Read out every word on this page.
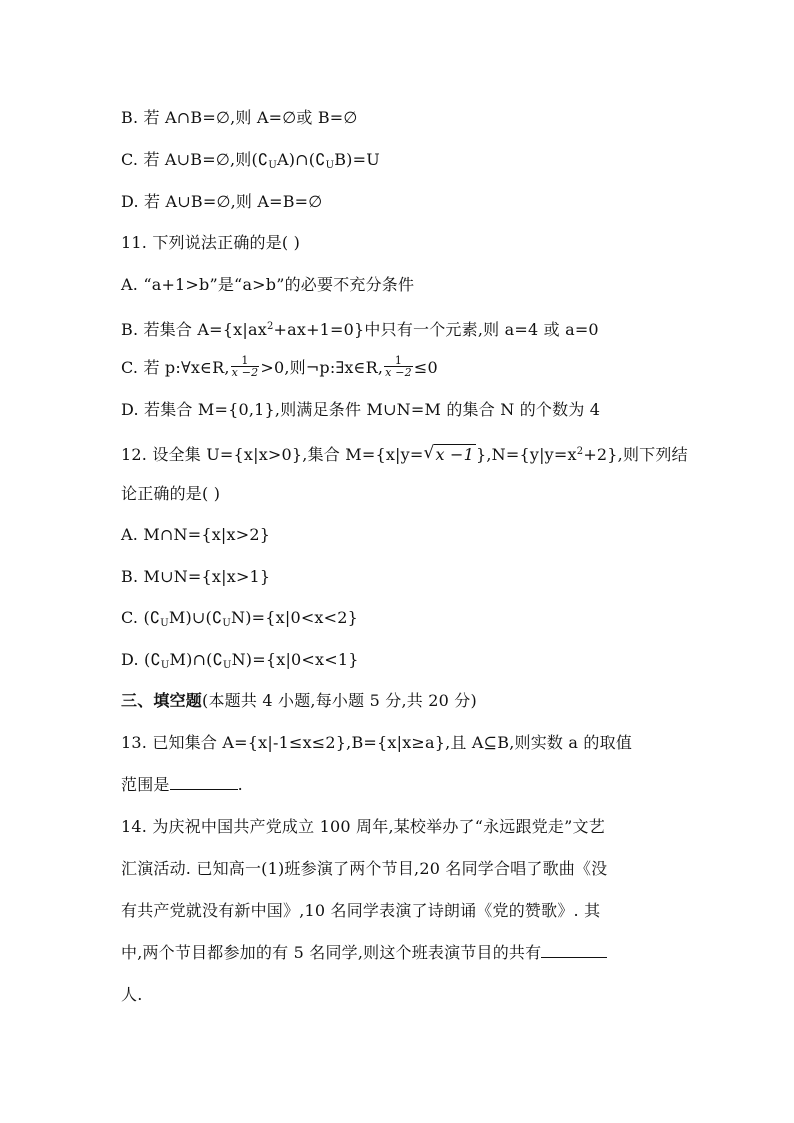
B. 若 A∩B=∅,则 A=∅或 B=∅
C. 若 A∪B=∅,则$(∁_UA)\cap(∁_UB)=U$
D. 若 A∪B=∅,则 A=B=∅
11. 下列说法正确的是( )
A. “a+1>b”是“a>b”的必要不充分条件
B. 若集合 $A=\{x|ax^2+ax+1=0\}$中只有一个元素,则 a=4 或 a=0
C. 若 p:∀x∈R, $\frac{1}{x -2} >0$,则¬p:∃x∈R, $\frac{1}{x -2} \le 0$
D. 若集合 M={0,1},则满足条件 M∪N=M 的集合 N 的个数为 4
12. 设全集 U={x|x>0},集合 M={x|y= √ x −1 }$,N=\{y|y=x^2+2\}$,则下列结
论正确的是( )
A. M∩N={x|x>2}
B. M∪N={x|x>1}
C. $(∁_UM)\cup(∁_UN)=\{x|0<x<2\}$
D. $(∁_UM)\cap(∁_UN)=\{x|0<x<1\}$
三、填空题(本题共 4 小题,每小题 5 分,共 20 分)
13. 已知集合 A={x|-1≤x≤2},B={x|x≥a},且 A⊆B,则实数 a 的取值
范围是	.
14. 为庆祝中国共产党成立 100 周年,某校举办了“永远跟党走”文艺
汇演活动. 已知高一(1)班参演了两个节目,20 名同学合唱了歌曲《没
有共产党就没有新中国》,10 名同学表演了诗朗诵《党的赞歌》. 其
中,两个节目都参加的有 5 名同学,则这个班表演节目的共有
人.
